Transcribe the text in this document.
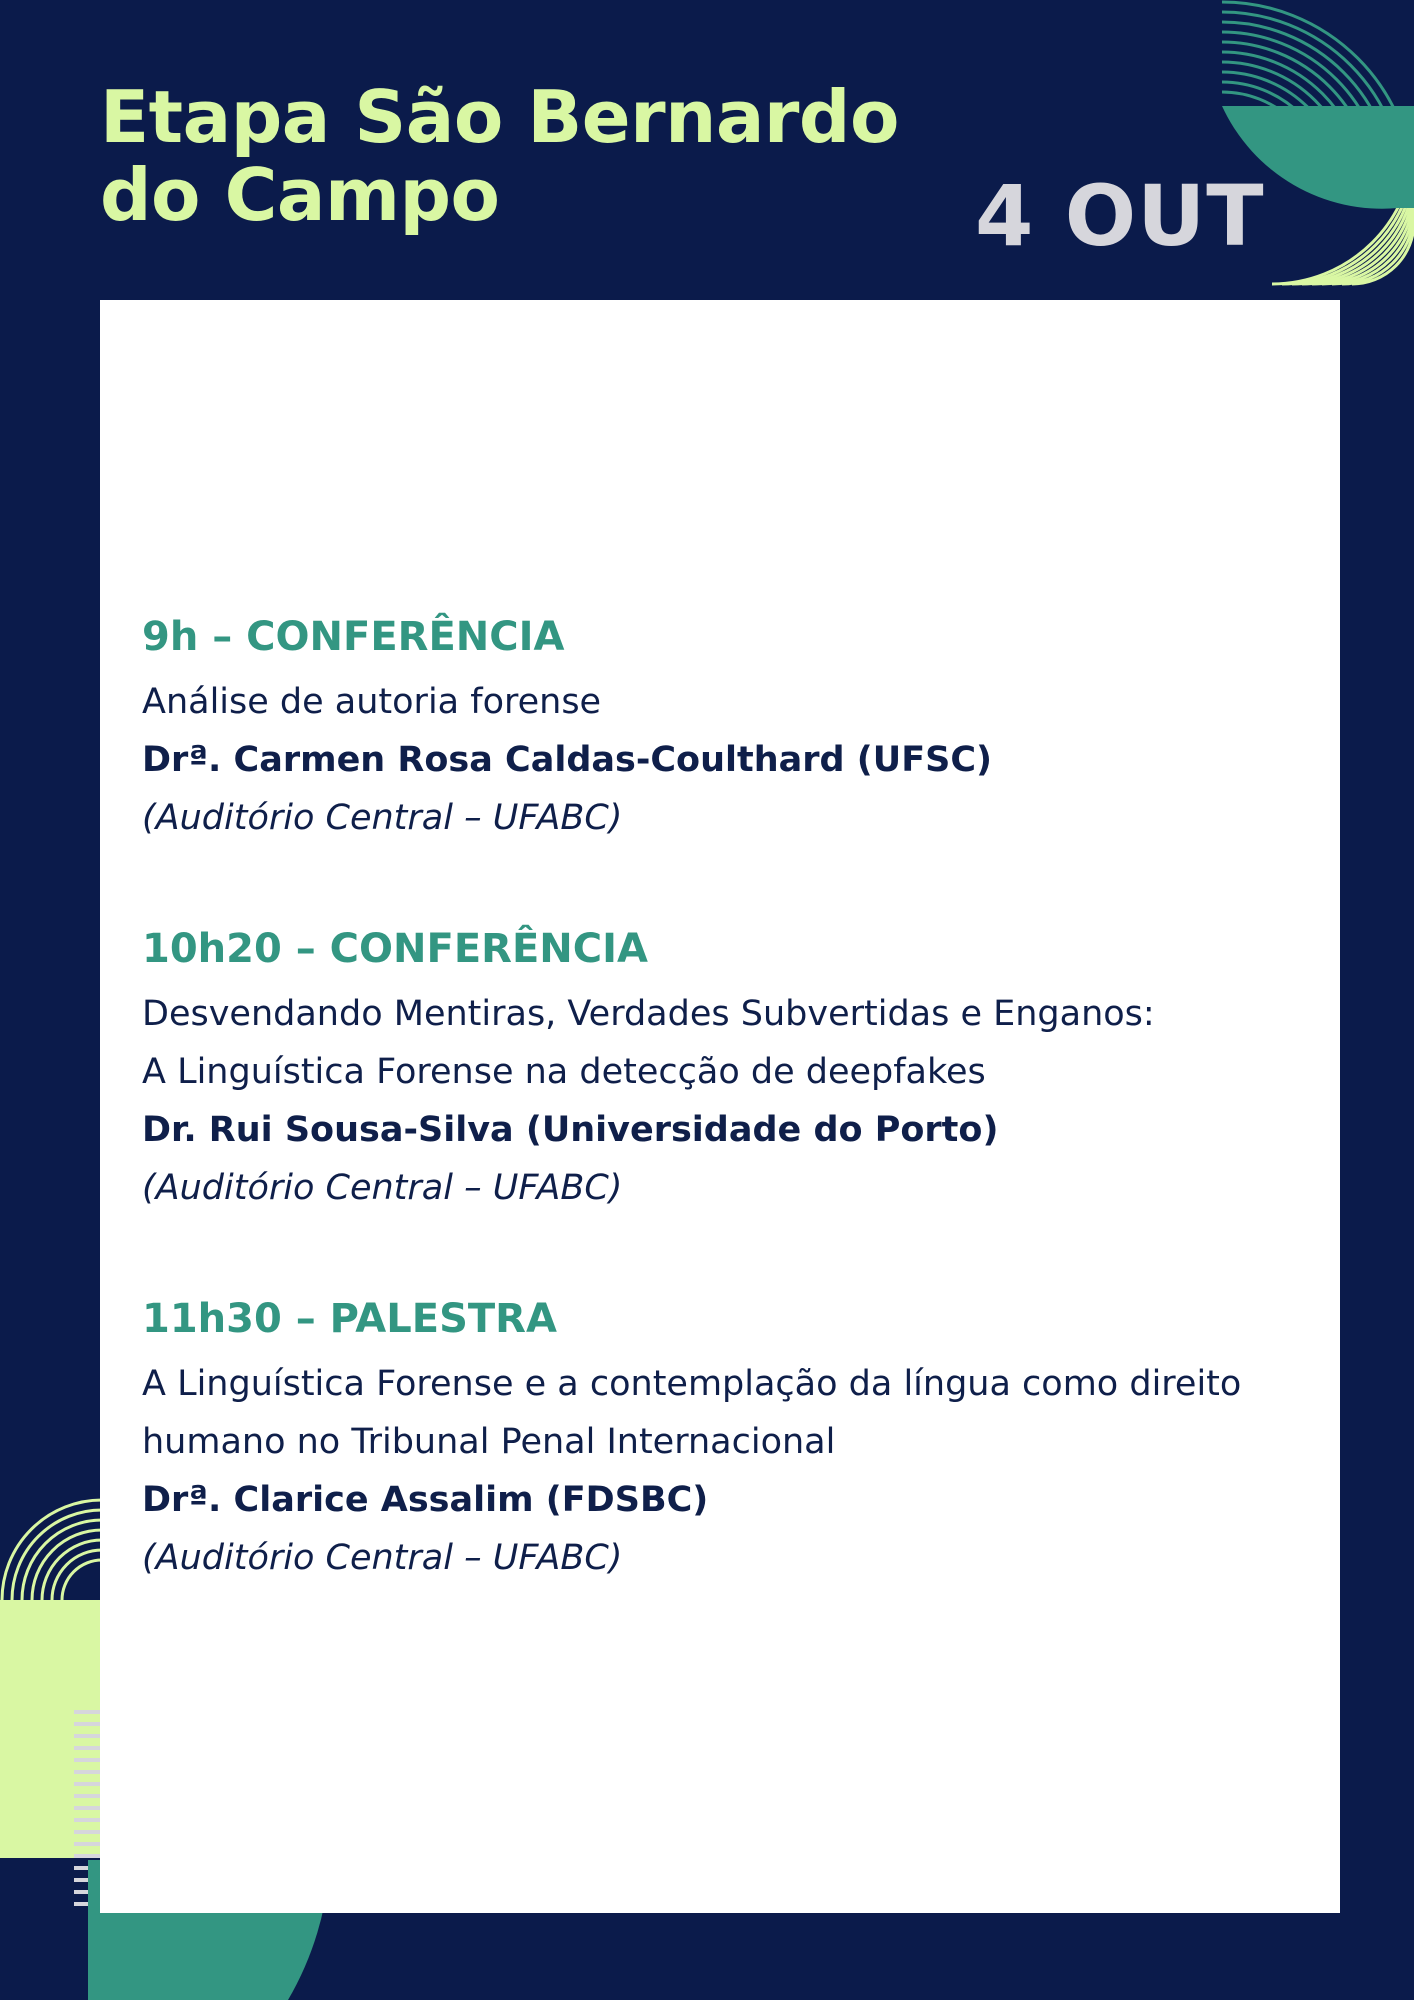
Etapa São Bernardo
do Campo	4 OUT
9h – CONFERÊNCIA

Análise de autoria forense

Drª. Carmen Rosa Caldas-Coulthard (UFSC)

(Auditório Central – UFABC)

10h20 – CONFERÊNCIA

Desvendando Mentiras, Verdades Subvertidas e Enganos:

A Linguística Forense na detecção de deepfakes

Dr. Rui Sousa-Silva (Universidade do Porto)

(Auditório Central – UFABC)

11h30 – PALESTRA

A Linguística Forense e a contemplação da língua como direito

humano no Tribunal Penal Internacional

Drª. Clarice Assalim (FDSBC)

(Auditório Central – UFABC)
